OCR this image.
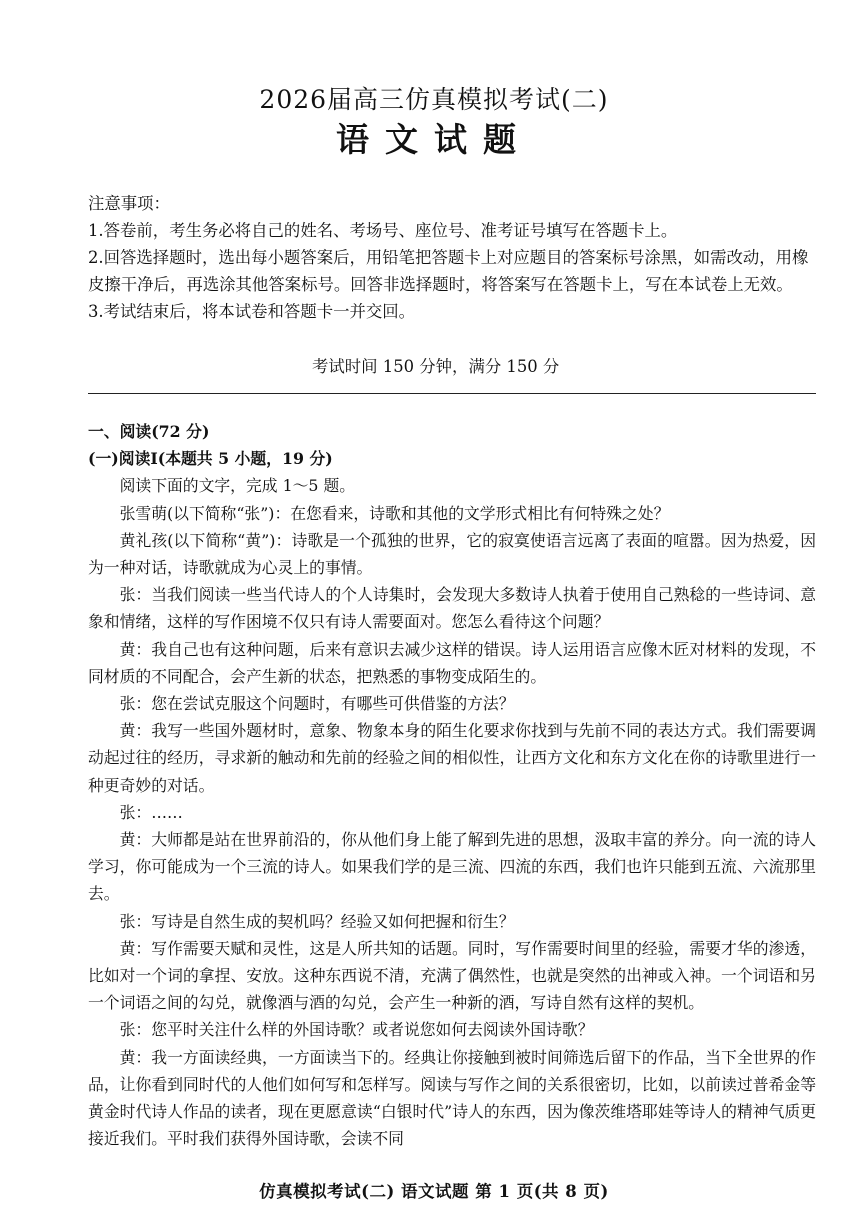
2026届高三仿真模拟考试(二)
语文试题

注意事项：

1.答卷前，考生务必将自己的姓名、考场号、座位号、准考证号填写在答题卡上。

2.回答选择题时，选出每小题答案后，用铅笔把答题卡上对应题目的答案标号涂黑，如需改动，用橡皮擦干净后，再选涂其他答案标号。回答非选择题时，将答案写在答题卡上，写在本试卷上无效。

3.考试结束后，将本试卷和答题卡一并交回。

考试时间 150 分钟，满分 150 分

一、阅读(72 分)

(一)阅读Ⅰ(本题共 5 小题，19 分)

阅读下面的文字，完成 1～5 题。

张雪萌(以下简称“张”)：在您看来，诗歌和其他的文学形式相比有何特殊之处？

黄礼孩(以下简称“黄”)：诗歌是一个孤独的世界，它的寂寞使语言远离了表面的喧嚣。因为热爱，因为一种对话，诗歌就成为心灵上的事情。

张：当我们阅读一些当代诗人的个人诗集时，会发现大多数诗人执着于使用自己熟稔的一些诗词、意象和情绪，这样的写作困境不仅只有诗人需要面对。您怎么看待这个问题？

黄：我自己也有这种问题，后来有意识去减少这样的错误。诗人运用语言应像木匠对材料的发现，不同材质的不同配合，会产生新的状态，把熟悉的事物变成陌生的。

张：您在尝试克服这个问题时，有哪些可供借鉴的方法？

黄：我写一些国外题材时，意象、物象本身的陌生化要求你找到与先前不同的表达方式。我们需要调动起过往的经历，寻求新的触动和先前的经验之间的相似性，让西方文化和东方文化在你的诗歌里进行一种更奇妙的对话。

张：……

黄：大师都是站在世界前沿的，你从他们身上能了解到先进的思想，汲取丰富的养分。向一流的诗人学习，你可能成为一个三流的诗人。如果我们学的是三流、四流的东西，我们也许只能到五流、六流那里去。

张：写诗是自然生成的契机吗？经验又如何把握和衍生？

黄：写作需要天赋和灵性，这是人所共知的话题。同时，写作需要时间里的经验，需要才华的渗透，比如对一个词的拿捏、安放。这种东西说不清，充满了偶然性，也就是突然的出神或入神。一个词语和另一个词语之间的勾兑，就像酒与酒的勾兑，会产生一种新的酒，写诗自然有这样的契机。

张：您平时关注什么样的外国诗歌？或者说您如何去阅读外国诗歌？

黄：我一方面读经典，一方面读当下的。经典让你接触到被时间筛选后留下的作品，当下全世界的作品，让你看到同时代的人他们如何写和怎样写。阅读与写作之间的关系很密切，比如，以前读过普希金等黄金时代诗人作品的读者，现在更愿意读“白银时代”诗人的东西，因为像茨维塔耶娃等诗人的精神气质更接近我们。平时我们获得外国诗歌，会读不同

仿真模拟考试(二) 语文试题 第 1 页(共 8 页)
